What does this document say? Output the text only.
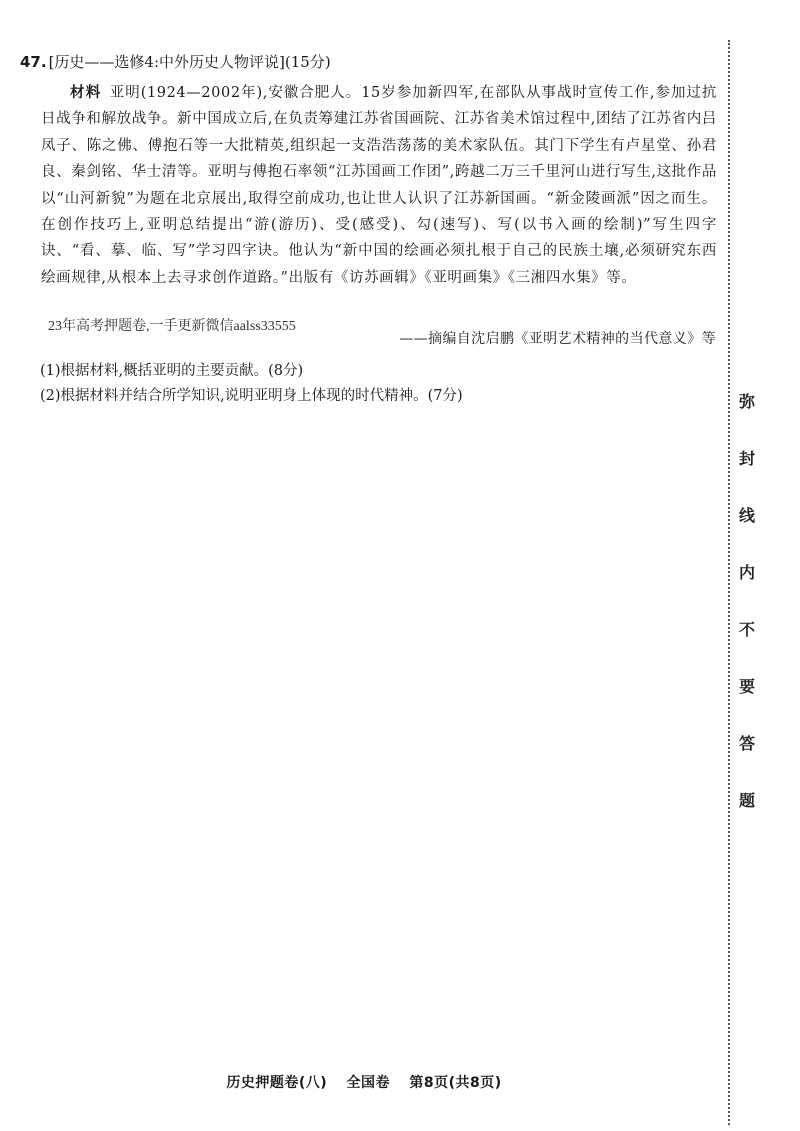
47. [历史——选修4:中外历史人物评说](15分)
材料 亚明(1924—2002年),安徽合肥人。15岁参加新四军,在部队从事战时宣传工作,参加过抗日战争和解放战争。新中国成立后,在负责筹建江苏省国画院、江苏省美术馆过程中,团结了江苏省内吕凤子、陈之佛、傅抱石等一大批精英,组织起一支浩浩荡荡的美术家队伍。其门下学生有卢星堂、孙君良、秦剑铭、华士清等。亚明与傅抱石率领“江苏国画工作团”,跨越二万三千里河山进行写生,这批作品以“山河新貌”为题在北京展出,取得空前成功,也让世人认识了江苏新国画。“新金陵画派”因之而生。在创作技巧上,亚明总结提出“游(游历)、受(感受)、勾(速写)、写(以书入画的绘制)”写生四字诀、“看、摹、临、写”学习四字诀。他认为“新中国的绘画必须扎根于自己的民族土壤,必须研究东西绘画规律,从根本上去寻求创作道路。”出版有《访苏画辑》《亚明画集》《三湘四水集》等。
23年高考押题卷,一手更新微信aalss33555
——摘编自沈启鹏《亚明艺术精神的当代意义》等
(1)根据材料,概括亚明的主要贡献。(8分)
(2)根据材料并结合所学知识,说明亚明身上体现的时代精神。(7分)	弥
封
线
内
不
要
答
题
历史押题卷(八) 全国卷 第8页(共8页)
